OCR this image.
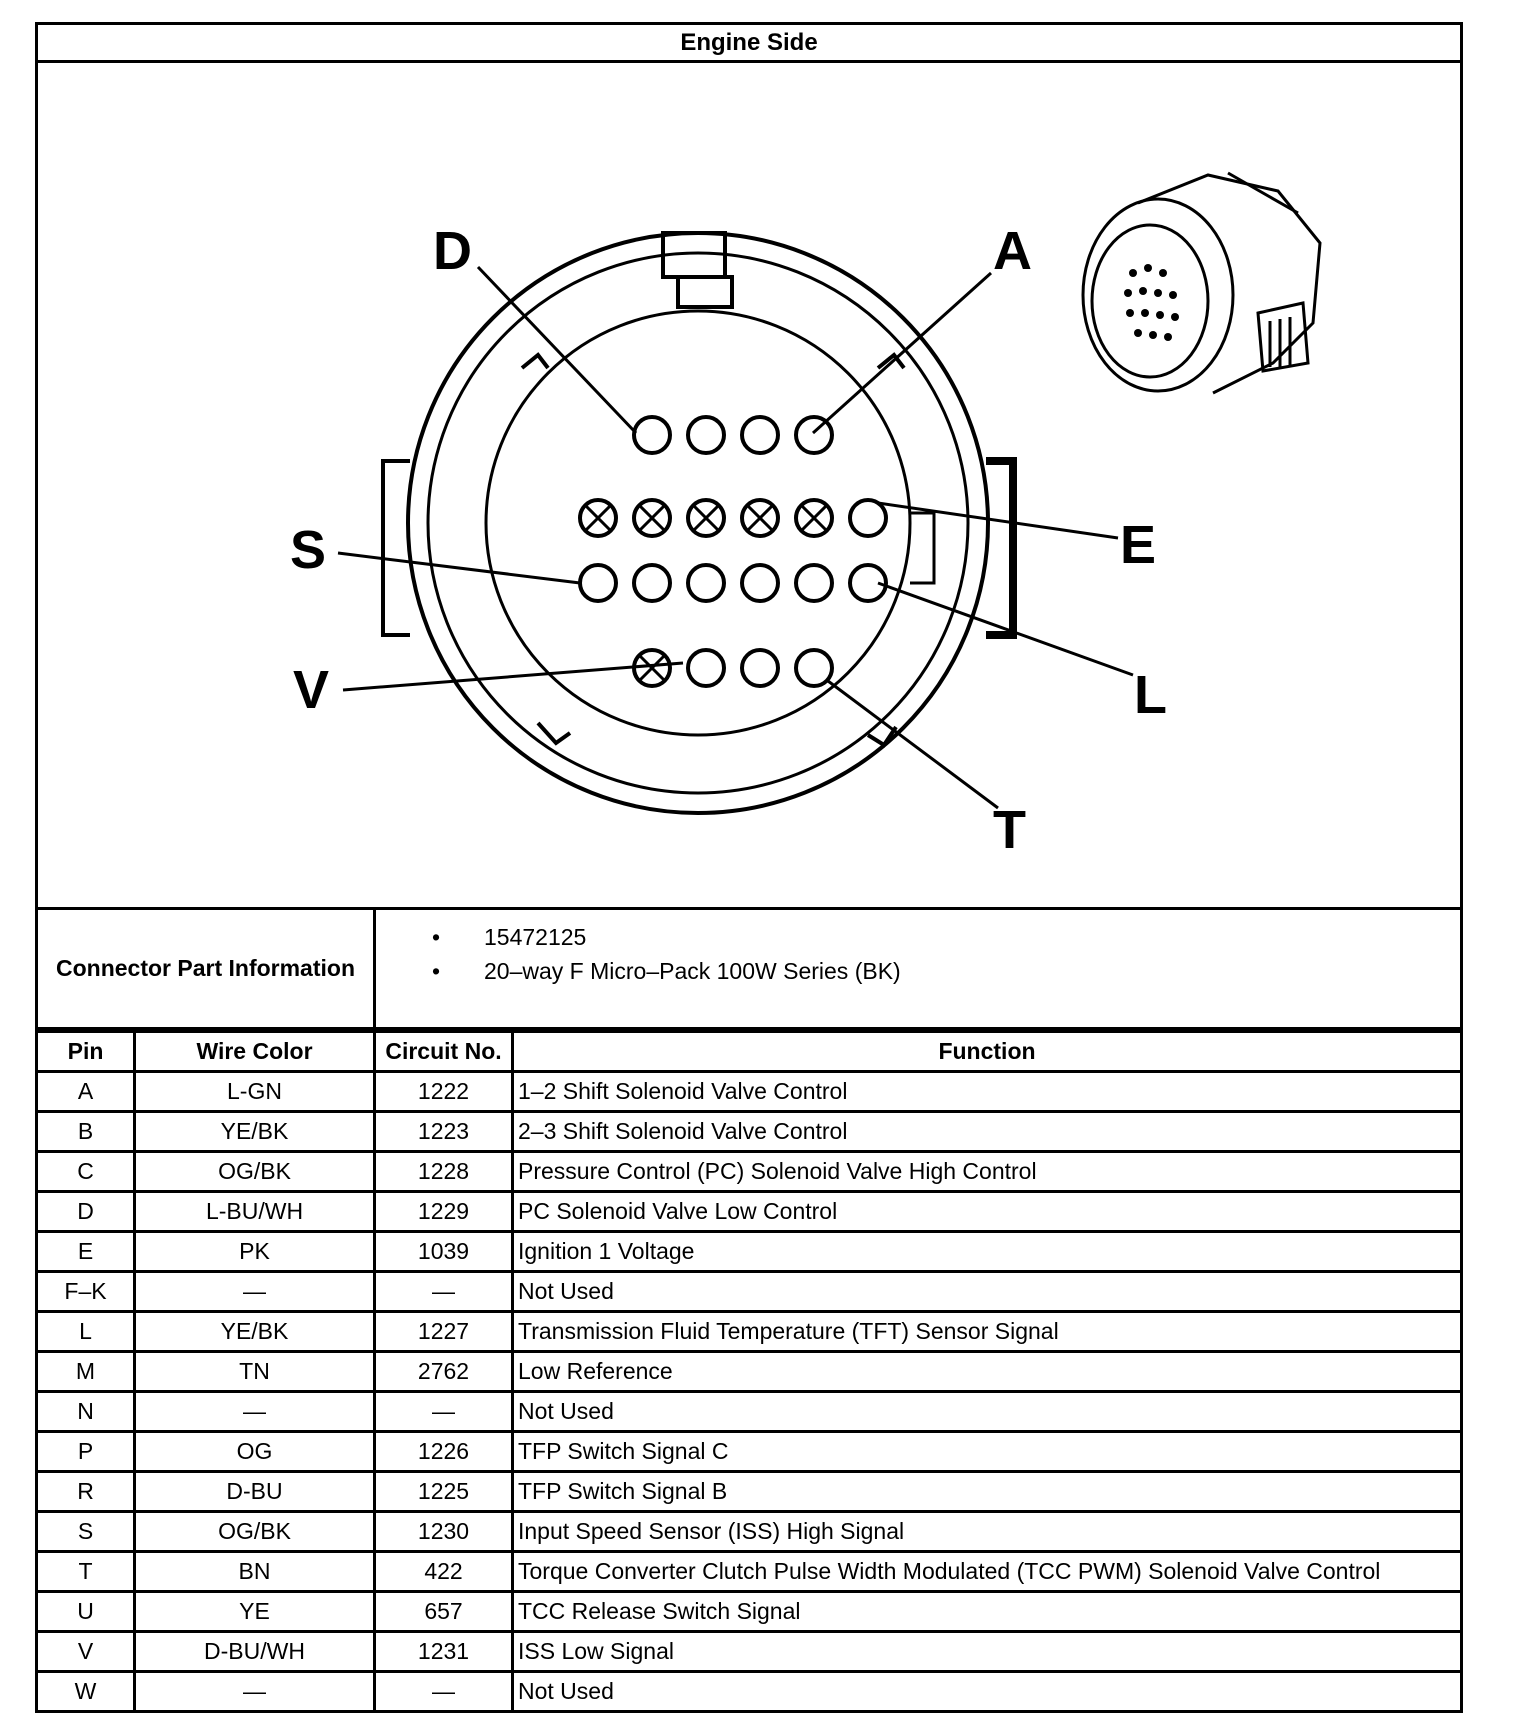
Engine Side
D	A
S	E
V	L
T
Connector Part Information
•	15472125
•	20–way F Micro–Pack 100W Series (BK)
Pin	Wire Color	Circuit No.	Function
A	L-GN	1222	1–2 Shift Solenoid Valve Control
B	YE/BK	1223	2–3 Shift Solenoid Valve Control
C	OG/BK	1228	Pressure Control (PC) Solenoid Valve High Control
D	L-BU/WH	1229	PC Solenoid Valve Low Control
E	PK	1039	Ignition 1 Voltage
F–K	—	—	Not Used
L	YE/BK	1227	Transmission Fluid Temperature (TFT) Sensor Signal
M	TN	2762	Low Reference
N	—	—	Not Used
P	OG	1226	TFP Switch Signal C
R	D-BU	1225	TFP Switch Signal B
S	OG/BK	1230	Input Speed Sensor (ISS) High Signal
T	BN	422	Torque Converter Clutch Pulse Width Modulated (TCC PWM) Solenoid Valve Control
U	YE	657	TCC Release Switch Signal
V	D-BU/WH	1231	ISS Low Signal
W	—	—	Not Used
